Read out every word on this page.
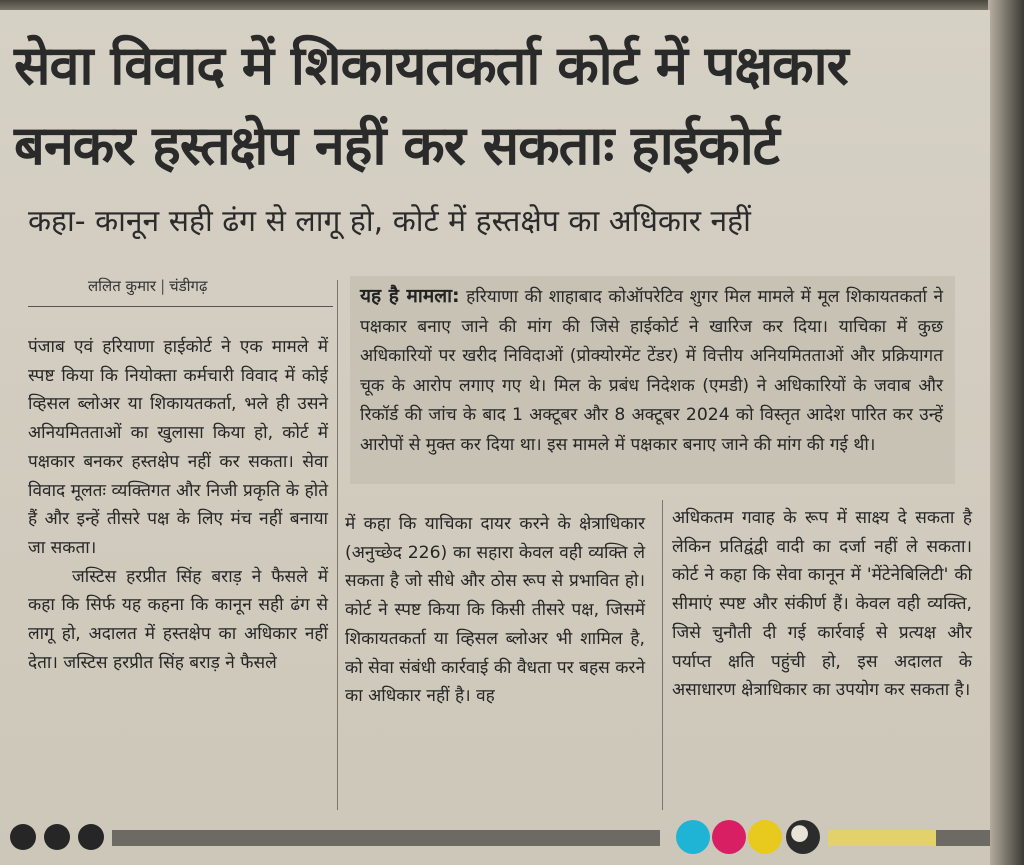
सेवा विवाद में शिकायतकर्ता कोर्ट में पक्षकार
बनकर हस्तक्षेप नहीं कर सकताः हाईकोर्ट
कहा- कानून सही ढंग से लागू हो, कोर्ट में हस्तक्षेप का अधिकार नहीं
ललित कुमार | चंडीगढ़	यह है मामला: हरियाणा की शाहाबाद कोऑपरेटिव शुगर मिल मामले में मूल शिकायतकर्ता ने पक्षकार बनाए जाने की मांग की जिसे हाईकोर्ट ने खारिज कर दिया। याचिका में कुछ अधिकारियों पर खरीद निविदाओं (प्रोक्योरमेंट टेंडर) में वित्तीय अनियमितताओं और प्रक्रियागत चूक के आरोप लगाए गए थे। मिल के प्रबंध निदेशक (एमडी) ने अधिकारियों के जवाब और रिकॉर्ड की जांच के बाद 1 अक्टूबर और 8 अक्टूबर 2024 को विस्तृत आदेश पारित कर उन्हें आरोपों से मुक्त कर दिया था। इस मामले में पक्षकार बनाए जाने की मांग की गई थी।

पंजाब एवं हरियाणा हाईकोर्ट ने एक मामले में स्पष्ट किया कि नियोक्ता कर्मचारी विवाद में कोई व्हिसल ब्लोअर या शिकायतकर्ता, भले ही उसने अनियमितताओं का खुलासा किया हो, कोर्ट में पक्षकार बनकर हस्तक्षेप नहीं कर सकता। सेवा विवाद मूलतः व्यक्तिगत और निजी प्रकृति के होते हैं और इन्हें तीसरे पक्ष के लिए मंच नहीं बनाया जा सकता।

जस्टिस हरप्रीत सिंह बराड़ ने फैसले में कहा कि सिर्फ यह कहना कि कानून सही ढंग से लागू हो, अदालत में हस्तक्षेप का अधिकार नहीं देता। जस्टिस हरप्रीत सिंह बराड़ ने फैसले

में कहा कि याचिका दायर करने के क्षेत्राधिकार (अनुच्छेद 226) का सहारा केवल वही व्यक्ति ले सकता है जो सीधे और ठोस रूप से प्रभावित हो। कोर्ट ने स्पष्ट किया कि किसी तीसरे पक्ष, जिसमें शिकायतकर्ता या व्हिसल ब्लोअर भी शामिल है, को सेवा संबंधी कार्रवाई की वैधता पर बहस करने का अधिकार नहीं है। वह

अधिकतम गवाह के रूप में साक्ष्य दे सकता है लेकिन प्रतिद्वंद्वी वादी का दर्जा नहीं ले सकता। कोर्ट ने कहा कि सेवा कानून में 'मेंटेनेबिलिटी' की सीमाएं स्पष्ट और संकीर्ण हैं। केवल वही व्यक्ति, जिसे चुनौती दी गई कार्रवाई से प्रत्यक्ष और पर्याप्त क्षति पहुंची हो, इस अदालत के असाधारण क्षेत्राधिकार का उपयोग कर सकता है।
